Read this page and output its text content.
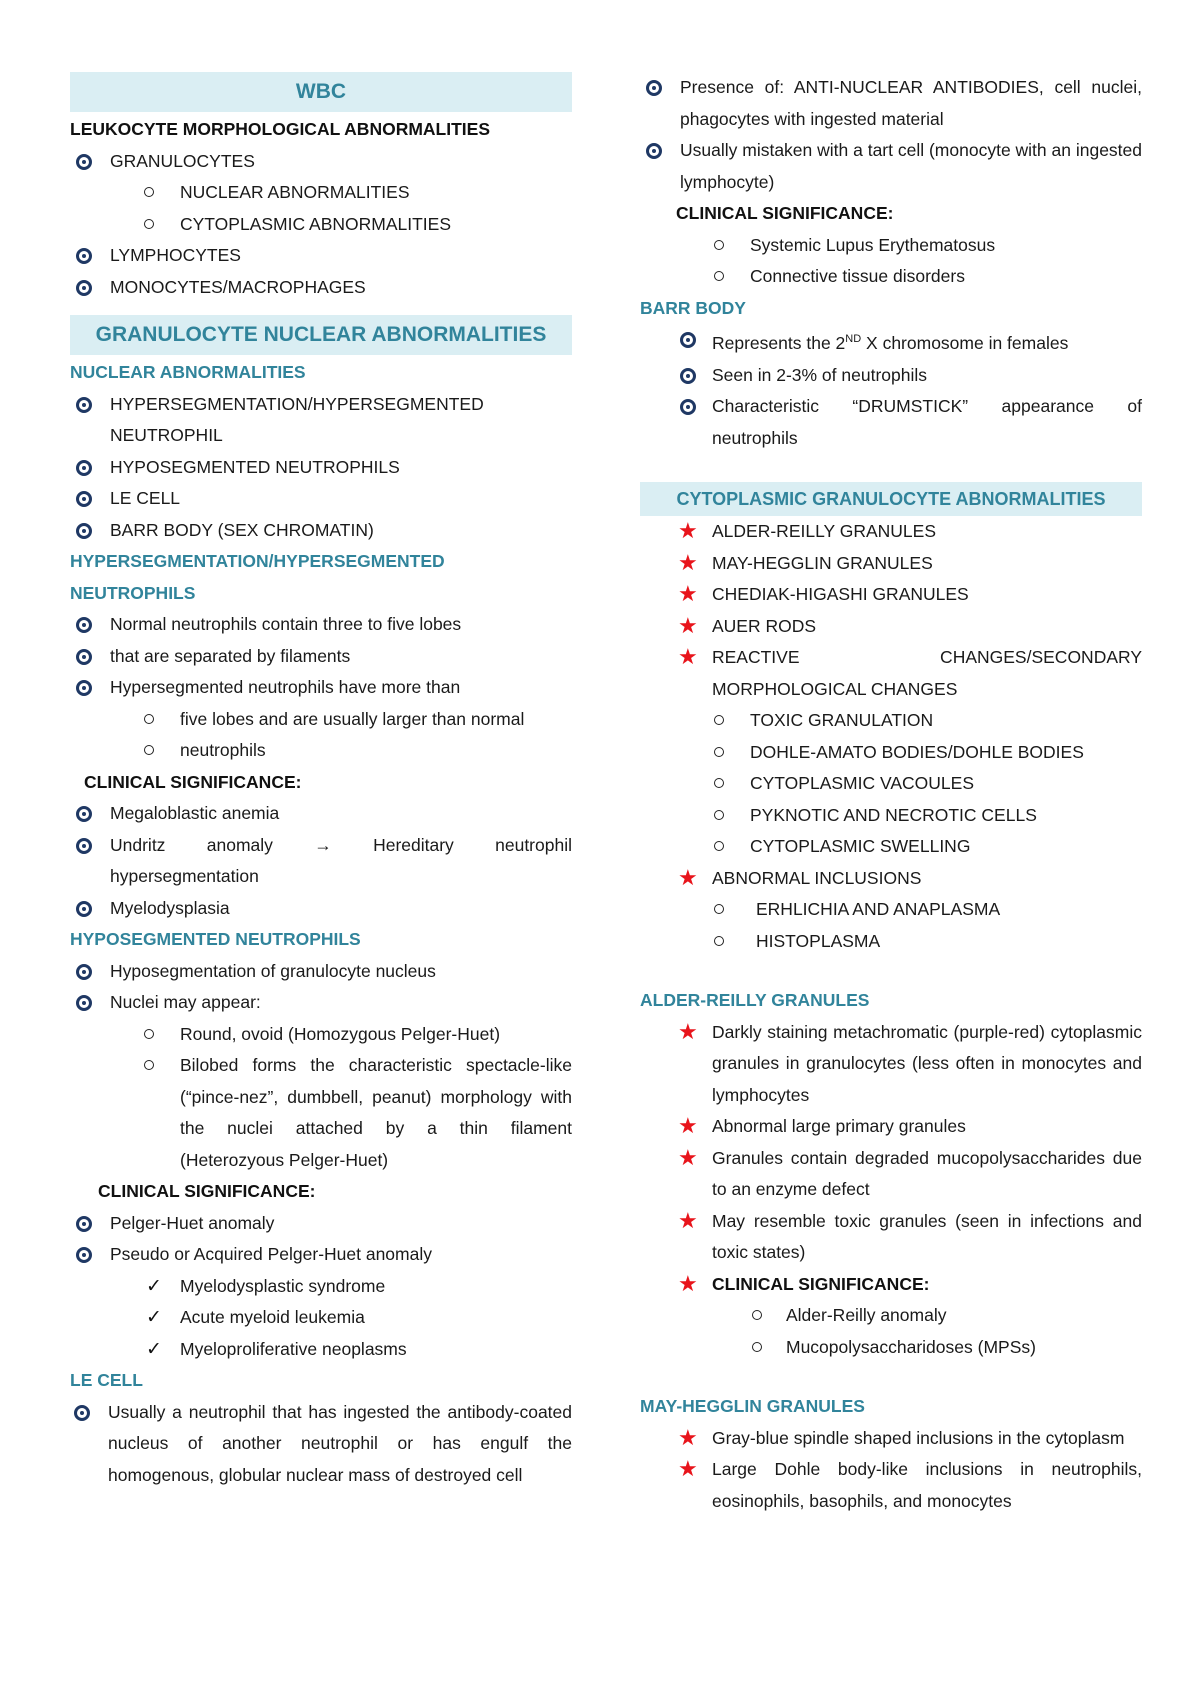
WBC
LEUKOCYTE MORPHOLOGICAL ABNORMALITIES
GRANULOCYTES
NUCLEAR ABNORMALITIES
CYTOPLASMIC ABNORMALITIES
LYMPHOCYTES
MONOCYTES/MACROPHAGES
GRANULOCYTE NUCLEAR ABNORMALITIES
NUCLEAR ABNORMALITIES
HYPERSEGMENTATION/HYPERSEGMENTED NEUTROPHIL
HYPOSEGMENTED NEUTROPHILS
LE CELL
BARR BODY (SEX CHROMATIN)
HYPERSEGMENTATION/HYPERSEGMENTED NEUTROPHILS
Normal neutrophils contain three to five lobes
that are separated by filaments
Hypersegmented neutrophils have more than
five lobes and are usually larger than normal
neutrophils
CLINICAL SIGNIFICANCE:
Megaloblastic anemia
Undritz anomaly → Hereditary neutrophil hypersegmentation
Myelodysplasia
HYPOSEGMENTED NEUTROPHILS
Hyposegmentation of granulocyte nucleus
Nuclei may appear:
Round, ovoid (Homozygous Pelger-Huet)
Bilobed forms the characteristic spectacle-like (“pince-nez”, dumbbell, peanut) morphology with the nuclei attached by a thin filament (Heterozyous Pelger-Huet)
CLINICAL SIGNIFICANCE:
Pelger-Huet anomaly
Pseudo or Acquired Pelger-Huet anomaly
✓ Myelodysplastic syndrome
✓ Acute myeloid leukemia
✓ Myeloproliferative neoplasms
LE CELL
Usually a neutrophil that has ingested the antibody-coated nucleus of another neutrophil or has engulf the homogenous, globular nuclear mass of destroyed cell
Presence of: ANTI-NUCLEAR ANTIBODIES, cell nuclei, phagocytes with ingested material
Usually mistaken with a tart cell (monocyte with an ingested lymphocyte)
CLINICAL SIGNIFICANCE:
Systemic Lupus Erythematosus
Connective tissue disorders
BARR BODY
Represents the 2ND X chromosome in females
Seen in 2-3% of neutrophils
Characteristic “DRUMSTICK” appearance of neutrophils
CYTOPLASMIC GRANULOCYTE ABNORMALITIES
★ ALDER-REILLY GRANULES
★ MAY-HEGGLIN GRANULES
★ CHEDIAK-HIGASHI GRANULES
★ AUER RODS
★ REACTIVE CHANGES/SECONDARY MORPHOLOGICAL CHANGES
TOXIC GRANULATION
DOHLE-AMATO BODIES/DOHLE BODIES
CYTOPLASMIC VACOULES
PYKNOTIC AND NECROTIC CELLS
CYTOPLASMIC SWELLING
★ ABNORMAL INCLUSIONS
ERHLICHIA AND ANAPLASMA
HISTOPLASMA
ALDER-REILLY GRANULES
★ Darkly staining metachromatic (purple-red) cytoplasmic granules in granulocytes (less often in monocytes and lymphocytes
★ Abnormal large primary granules
★ Granules contain degraded mucopolysaccharides due to an enzyme defect
★ May resemble toxic granules (seen in infections and toxic states)
★ CLINICAL SIGNIFICANCE:
Alder-Reilly anomaly
Mucopolysaccharidoses (MPSs)
MAY-HEGGLIN GRANULES
★ Gray-blue spindle shaped inclusions in the cytoplasm
★ Large Dohle body-like inclusions in neutrophils, eosinophils, basophils, and monocytes
